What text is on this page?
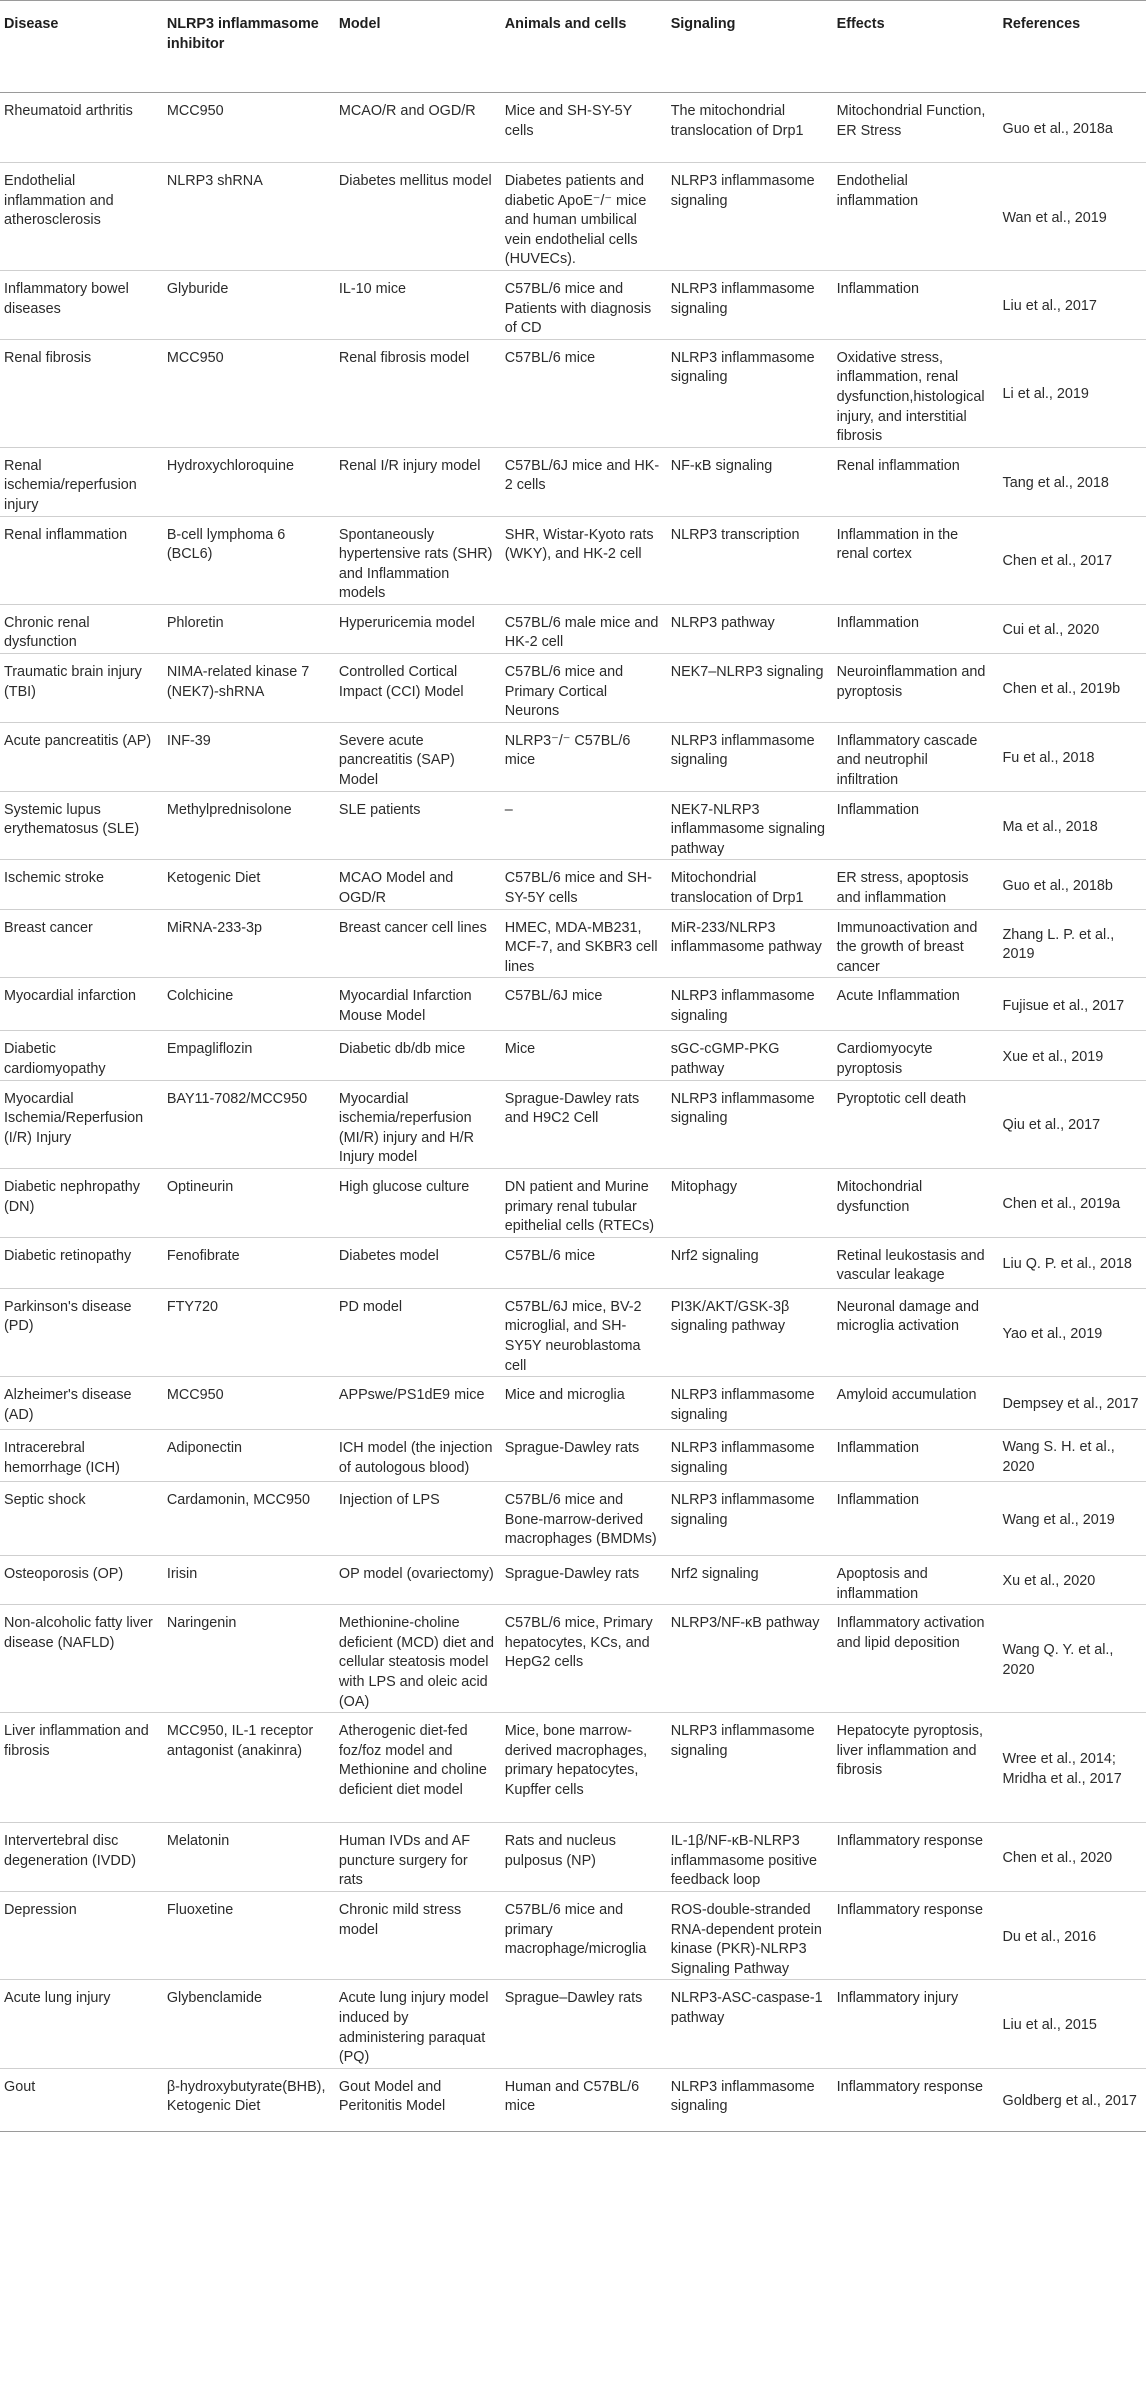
Disease	NLRP3 inflammasome inhibitor	Model	Animals and cells	Signaling	Effects	References
Rheumatoid arthritis	MCC950	MCAO/R and OGD/R	Mice and SH-SY-5Y cells	The mitochondrial translocation of Drp1	Mitochondrial Function, ER Stress	Guo et al., 2018a
Endothelial inflammation and atherosclerosis	NLRP3 shRNA	Diabetes mellitus model	Diabetes patients and diabetic ApoE⁻/⁻ mice and human umbilical vein endothelial cells (HUVECs).	NLRP3 inflammasome signaling	Endothelial inflammation	Wan et al., 2019
Inflammatory bowel diseases	Glyburide	IL-10 mice	C57BL/6 mice and Patients with diagnosis of CD	NLRP3 inflammasome signaling	Inflammation	Liu et al., 2017
Renal fibrosis	MCC950	Renal fibrosis model	C57BL/6 mice	NLRP3 inflammasome signaling	Oxidative stress, inflammation, renal dysfunction,histological injury, and interstitial fibrosis	Li et al., 2019
Renal ischemia/reperfusion injury	Hydroxychloroquine	Renal I/R injury model	C57BL/6J mice and HK-2 cells	NF-κB signaling	Renal inflammation	Tang et al., 2018
Renal inflammation	B-cell lymphoma 6 (BCL6)	Spontaneously hypertensive rats (SHR) and Inflammation models	SHR, Wistar-Kyoto rats (WKY), and HK-2 cell	NLRP3 transcription	Inflammation in the renal cortex	Chen et al., 2017
Chronic renal dysfunction	Phloretin	Hyperuricemia model	C57BL/6 male mice and HK-2 cell	NLRP3 pathway	Inflammation	Cui et al., 2020
Traumatic brain injury (TBI)	NIMA-related kinase 7 (NEK7)-shRNA	Controlled Cortical Impact (CCI) Model	C57BL/6 mice and Primary Cortical Neurons	NEK7–NLRP3 signaling	Neuroinflammation and pyroptosis	Chen et al., 2019b
Acute pancreatitis (AP)	INF-39	Severe acute pancreatitis (SAP) Model	NLRP3⁻/⁻ C57BL/6 mice	NLRP3 inflammasome signaling	Inflammatory cascade and neutrophil infiltration	Fu et al., 2018
Systemic lupus erythematosus (SLE)	Methylprednisolone	SLE patients	–	NEK7-NLRP3 inflammasome signaling pathway	Inflammation	Ma et al., 2018
Ischemic stroke	Ketogenic Diet	MCAO Model and OGD/R	C57BL/6 mice and SH-SY-5Y cells	Mitochondrial translocation of Drp1	ER stress, apoptosis and inflammation	Guo et al., 2018b
Breast cancer	MiRNA-233-3p	Breast cancer cell lines	HMEC, MDA-MB231, MCF-7, and SKBR3 cell lines	MiR-233/NLRP3 inflammasome pathway	Immunoactivation and the growth of breast cancer	Zhang L. P. et al., 2019
Myocardial infarction	Colchicine	Myocardial Infarction Mouse Model	C57BL/6J mice	NLRP3 inflammasome signaling	Acute Inflammation	Fujisue et al., 2017
Diabetic cardiomyopathy	Empagliflozin	Diabetic db/db mice	Mice	sGC-cGMP-PKG pathway	Cardiomyocyte pyroptosis	Xue et al., 2019
Myocardial Ischemia/Reperfusion (I/R) Injury	BAY11-7082/MCC950	Myocardial ischemia/reperfusion (MI/R) injury and H/R Injury model	Sprague-Dawley rats and H9C2 Cell	NLRP3 inflammasome signaling	Pyroptotic cell death	Qiu et al., 2017
Diabetic nephropathy (DN)	Optineurin	High glucose culture	DN patient and Murine primary renal tubular epithelial cells (RTECs)	Mitophagy	Mitochondrial dysfunction	Chen et al., 2019a
Diabetic retinopathy	Fenofibrate	Diabetes model	C57BL/6 mice	Nrf2 signaling	Retinal leukostasis and vascular leakage	Liu Q. P. et al., 2018
Parkinson's disease (PD)	FTY720	PD model	C57BL/6J mice, BV-2 microglial, and SH-SY5Y neuroblastoma cell	PI3K/AKT/GSK-3β signaling pathway	Neuronal damage and microglia activation	Yao et al., 2019
Alzheimer's disease (AD)	MCC950	APPswe/PS1dE9 mice	Mice and microglia	NLRP3 inflammasome signaling	Amyloid accumulation	Dempsey et al., 2017
Intracerebral hemorrhage (ICH)	Adiponectin	ICH model (the injection of autologous blood)	Sprague-Dawley rats	NLRP3 inflammasome signaling	Inflammation	Wang S. H. et al., 2020
Septic shock	Cardamonin, MCC950	Injection of LPS	C57BL/6 mice and Bone-marrow-derived macrophages (BMDMs)	NLRP3 inflammasome signaling	Inflammation	Wang et al., 2019
Osteoporosis (OP)	Irisin	OP model (ovariectomy)	Sprague-Dawley rats	Nrf2 signaling	Apoptosis and inflammation	Xu et al., 2020
Non-alcoholic fatty liver disease (NAFLD)	Naringenin	Methionine-choline deficient (MCD) diet and cellular steatosis model with LPS and oleic acid (OA)	C57BL/6 mice, Primary hepatocytes, KCs, and HepG2 cells	NLRP3/NF-κB pathway	Inflammatory activation and lipid deposition	Wang Q. Y. et al., 2020
Liver inflammation and fibrosis	MCC950, IL-1 receptor antagonist (anakinra)	Atherogenic diet-fed foz/foz model and Methionine and choline deficient diet model	Mice, bone marrow-derived macrophages, primary hepatocytes, Kupffer cells	NLRP3 inflammasome signaling	Hepatocyte pyroptosis, liver inflammation and fibrosis	Wree et al., 2014; Mridha et al., 2017
Intervertebral disc degeneration (IVDD)	Melatonin	Human IVDs and AF puncture surgery for rats	Rats and nucleus pulposus (NP)	IL-1β/NF-κB-NLRP3 inflammasome positive feedback loop	Inflammatory response	Chen et al., 2020
Depression	Fluoxetine	Chronic mild stress model	C57BL/6 mice and primary macrophage/microglia	ROS-double-stranded RNA-dependent protein kinase (PKR)-NLRP3 Signaling Pathway	Inflammatory response	Du et al., 2016
Acute lung injury	Glybenclamide	Acute lung injury model induced by administering paraquat (PQ)	Sprague–Dawley rats	NLRP3-ASC-caspase-1 pathway	Inflammatory injury	Liu et al., 2015
Gout	β-hydroxybutyrate(BHB), Ketogenic Diet	Gout Model and Peritonitis Model	Human and C57BL/6 mice	NLRP3 inflammasome signaling	Inflammatory response	Goldberg et al., 2017
